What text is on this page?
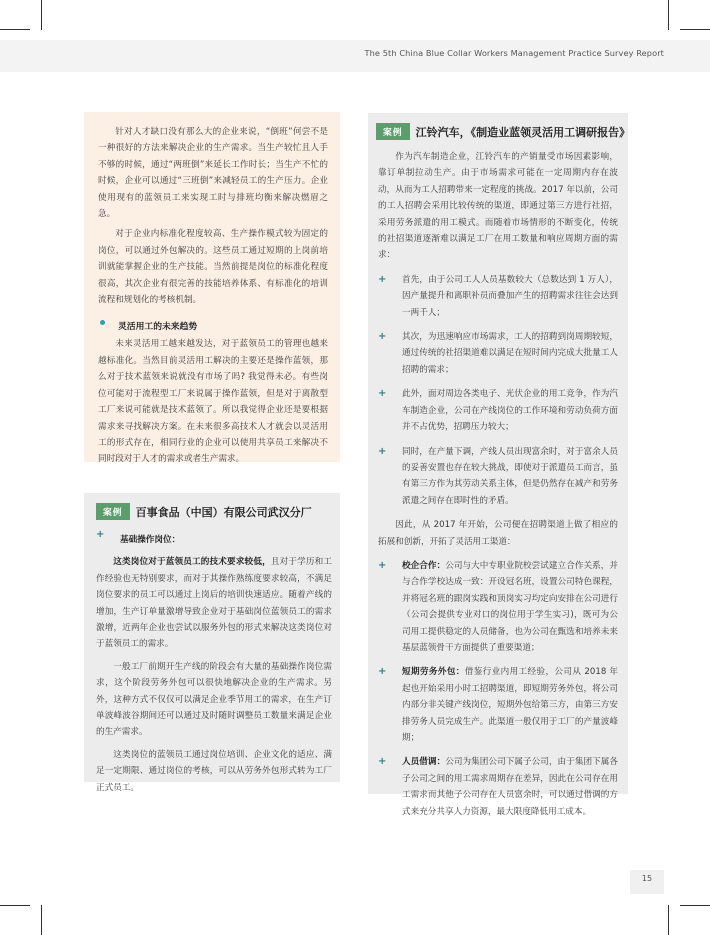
The 5th China Blue Collar Workers Management Practice Survey Report

针对人才缺口没有那么大的企业来说，“倒班”何尝不是一种很好的方法来解决企业的生产需求。当生产较忙且人手不够的时候，通过“两班倒”来延长工作时长；当生产不忙的时候，企业可以通过“三班倒”来减轻员工的生产压力。企业使用现有的蓝领员工来实现工时与排班均衡来解决燃眉之急。

对于企业内标准化程度较高、生产操作模式较为固定的岗位，可以通过外包解决的。这些员工通过短期的上岗前培训就能掌握企业的生产技能。当然前提是岗位的标准化程度很高，其次企业有很完善的技能培养体系、有标准化的培训流程和规划化的考核机制。

灵活用工的未来趋势

未来灵活用工越来越发达，对于蓝领员工的管理也越来越标准化。当然目前灵活用工解决的主要还是操作蓝领，那么对于技术蓝领来说就没有市场了吗? 我觉得未必。有些岗位可能对于流程型工厂来说属于操作蓝领，但是对于离散型工厂来说可能就是技术蓝领了。所以我觉得企业还是要根据需求来寻找解决方案。在未来很多高技术人才就会以灵活用工的形式存在，相同行业的企业可以使用共享员工来解决不同时段对于人才的需求或者生产需求。

案例 百事食品（中国）有限公司武汉分厂
+ 基础操作岗位：

这类岗位对于蓝领员工的技术要求较低，且对于学历和工作经验也无特别要求，而对于其操作熟练度要求较高，不满足岗位要求的员工可以通过上岗后的培训快速适应。随着产线的增加，生产订单量激增导致企业对于基础岗位蓝领员工的需求激增，近两年企业也尝试以服务外包的形式来解决这类岗位对于蓝领员工的需求。

一般工厂前期开生产线的阶段会有大量的基础操作岗位需求，这个阶段劳务外包可以很快地解决企业的生产需求。另外，这种方式不仅仅可以满足企业季节用工的需求，在生产订单波峰波谷期间还可以通过及时随时调整员工数量来满足企业的生产需求。

这类岗位的蓝领员工通过岗位培训、企业文化的适应、满足一定期限、通过岗位的考核，可以从劳务外包形式转为工厂正式员工。

案例 江铃汽车，《制造业蓝领灵活用工调研报告》

作为汽车制造企业，江铃汽车的产销量受市场因素影响，靠订单制拉动生产。由于市场需求可能在一定周期内存在波动，从而为工人招聘带来一定程度的挑战。2017 年以前，公司的工人招聘会采用比较传统的渠道，即通过第三方进行社招，采用劳务派遣的用工模式。而随着市场情形的不断变化，传统的社招渠道逐渐难以满足工厂在用工数量和响应周期方面的需求：

+ 首先，由于公司工人人员基数较大（总数达到 1 万人），因产量提升和离职补员而叠加产生的招聘需求往往会达到一两千人；

+ 其次，为迅速响应市场需求，工人的招聘到岗周期较短，通过传统的社招渠道难以满足在短时间内完成大批量工人招聘的需求；

+ 此外，面对周边各类电子、光伏企业的用工竞争，作为汽车制造企业，公司在产线岗位的工作环境和劳动负荷方面并不占优势，招聘压力较大；

+ 同时，在产量下调，产线人员出现富余时，对于富余人员的妥善安置也存在较大挑战，即使对于派遣员工而言，虽有第三方作为其劳动关系主体，但是仍然存在减产和劳务派遣之间存在即时性的矛盾。

因此，从 2017 年开始，公司便在招聘渠道上做了相应的拓展和创新，开拓了灵活用工渠道：

+ 校企合作：公司与大中专职业院校尝试建立合作关系，并与合作学校达成一致：开设冠名班，设置公司特色课程，并将冠名班的跟岗实践和顶岗实习均定向安排在公司进行（公司会提供专业对口的岗位用于学生实习)，既可为公司用工提供稳定的人员储备，也为公司在甄选和培养未来基层蓝领骨干方面提供了重要渠道；

+ 短期劳务外包：借鉴行业内用工经验，公司从 2018 年起也开始采用小时工招聘渠道，即短期劳务外包，将公司内部分非关键产线岗位，短期外包给第三方，由第三方安排劳务人员完成生产。此渠道一般仅用于工厂的产量波峰期；

+ 人员借调：公司为集团公司下属子公司，由于集团下属各子公司之间的用工需求周期存在差异，因此在公司存在用工需求而其他子公司存在人员富余时，可以通过借调的方式来充分共享人力资源，最大限度降低用工成本。

15
